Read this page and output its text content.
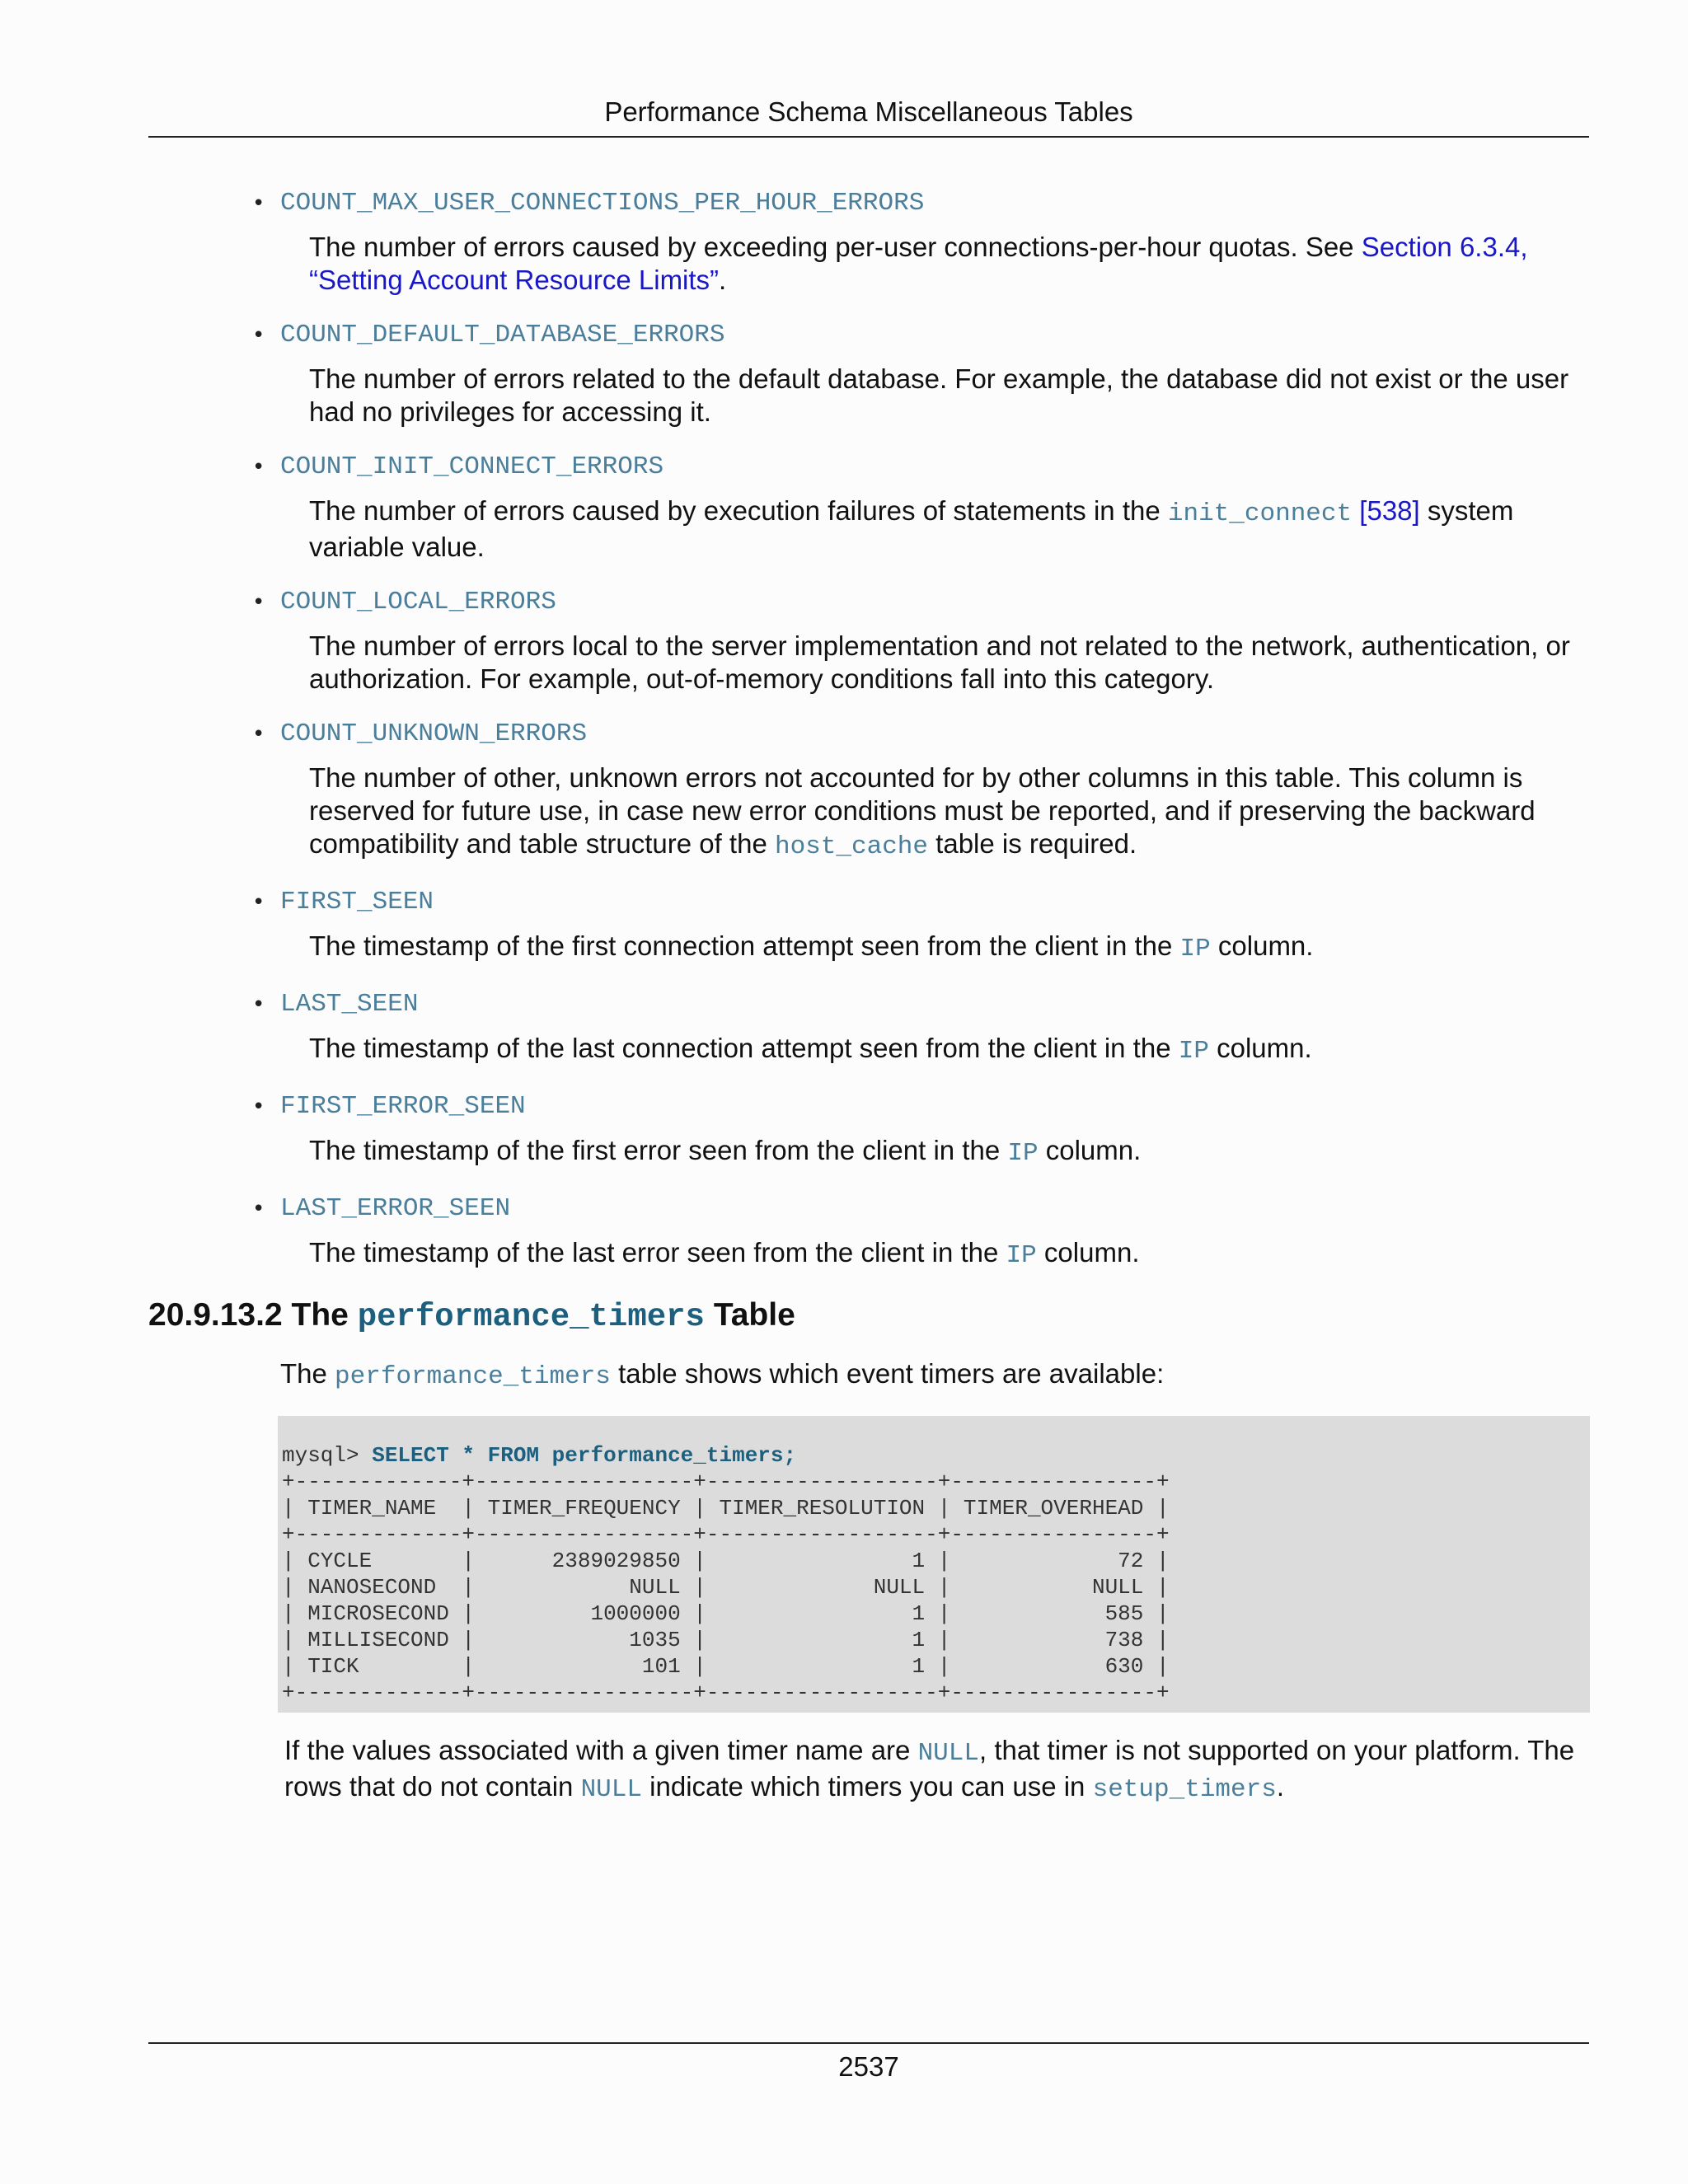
Performance Schema Miscellaneous Tables
• COUNT_MAX_USER_CONNECTIONS_PER_HOUR_ERRORS
The number of errors caused by exceeding per-user connections-per-hour quotas. See Section 6.3.4,
“Setting Account Resource Limits”.
• COUNT_DEFAULT_DATABASE_ERRORS
The number of errors related to the default database. For example, the database did not exist or the user had no privileges for accessing it.
• COUNT_INIT_CONNECT_ERRORS
The number of errors caused by execution failures of statements in the init_connect [538] system variable value.
• COUNT_LOCAL_ERRORS
The number of errors local to the server implementation and not related to the network, authentication, or authorization. For example, out-of-memory conditions fall into this category.
• COUNT_UNKNOWN_ERRORS
The number of other, unknown errors not accounted for by other columns in this table. This column is reserved for future use, in case new error conditions must be reported, and if preserving the backward compatibility and table structure of the host_cache table is required.
• FIRST_SEEN
The timestamp of the first connection attempt seen from the client in the IP column.
• LAST_SEEN
The timestamp of the last connection attempt seen from the client in the IP column.
• FIRST_ERROR_SEEN
The timestamp of the first error seen from the client in the IP column.
• LAST_ERROR_SEEN
The timestamp of the last error seen from the client in the IP column.
20.9.13.2 The performance_timers Table
The performance_timers table shows which event timers are available:
mysql> SELECT * FROM performance_timers;
+-------------+-----------------+------------------+----------------+
| TIMER_NAME  | TIMER_FREQUENCY | TIMER_RESOLUTION | TIMER_OVERHEAD |
+-------------+-----------------+------------------+----------------+
| CYCLE       |      2389029850 |                1 |             72 |
| NANOSECOND  |            NULL |             NULL |           NULL |
| MICROSECOND |         1000000 |                1 |            585 |
| MILLISECOND |            1035 |                1 |            738 |
| TICK        |             101 |                1 |            630 |
+-------------+-----------------+------------------+----------------+
If the values associated with a given timer name are NULL, that timer is not supported on your platform. The rows that do not contain NULL indicate which timers you can use in setup_timers.
2537
